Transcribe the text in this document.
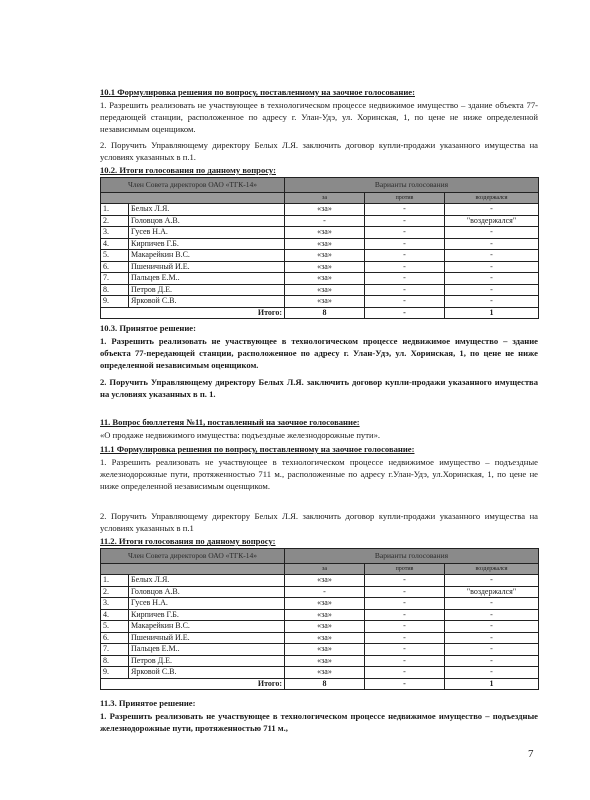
10.1 Формулировка решения по вопросу, поставленному на заочное голосование:
1. Разрешить реализовать не участвующее в технологическом процессе недвижимое имущество – здание объекта 77-передающей станции, расположенное по адресу г. Улан-Удэ, ул. Хоринская, 1, по цене не ниже определенной независимым оценщиком.
2. Поручить Управляющему директору Белых Л.Я. заключить договор купли-продажи указанного имущества на условиях указанных в п.1.
10.2. Итоги голосования по данному вопросу:
Член Совета директоров ОАО «ТГК-14»		Варианты голосования		
		за	против	воздержался
1.	Белых Л.Я.	«за»	-	-
2.	Головцов А.В.	-	-	"воздержался"
3.	Гусев Н.А.	«за»	-	-
4.	Кирпичев Г.Б.	«за»	-	-
5.	Макарейкин В.С.	«за»	-	-
6.	Пшеничный И.Е.	«за»	-	-
7.	Пальцев Е.М..	«за»	-	-
8.	Петров Д.Е.	«за»	-	-
9.	Ярковой С.В.	«за»	-	-
Итого:		8	-	1
10.3. Принятое решение:
1. Разрешить реализовать не участвующее в технологическом процессе недвижимое имущество – здание объекта 77-передающей станции, расположенное по адресу г. Улан-Удэ, ул. Хоринская, 1, по цене не ниже определенной независимым оценщиком.
2. Поручить Управляющему директору Белых Л.Я. заключить договор купли-продажи указанного имущества на условиях указанных в п. 1.
11. Вопрос бюллетеня №11, поставленный на заочное голосование:
«О продаже недвижимого имущества: подъездные железнодорожные пути».
11.1 Формулировка решения по вопросу, поставленному на заочное голосование:
1. Разрешить реализовать не участвующее в технологическом процессе недвижимое имущество – подъездные железнодорожные пути, протяженностью 711 м., расположенные по адресу г.Улан-Удэ, ул.Хоринская, 1, по цене не ниже определенной независимым оценщиком.
2. Поручить Управляющему директору Белых Л.Я. заключить договор купли-продажи указанного имущества на условиях указанных в п.1
11.2. Итоги голосования по данному вопросу:
Член Совета директоров ОАО «ТГК-14»		Варианты голосования		
		за	против	воздержался
1.	Белых Л.Я.	«за»	-	-
2.	Головцов А.В.	-	-	"воздержался"
3.	Гусев Н.А.	«за»	-	-
4.	Кирпичев Г.Б.	«за»	-	-
5.	Макарейкин В.С.	«за»	-	-
6.	Пшеничный И.Е.	«за»	-	-
7.	Пальцев Е.М..	«за»	-	-
8.	Петров Д.Е.	«за»	-	-
9.	Ярковой С.В.	«за»	-	-
Итого:		8	-	1
11.3. Принятое решение:
1. Разрешить реализовать не участвующее в технологическом процессе недвижимое имущество – подъездные железнодорожные пути, протяженностью 711 м.,
7
